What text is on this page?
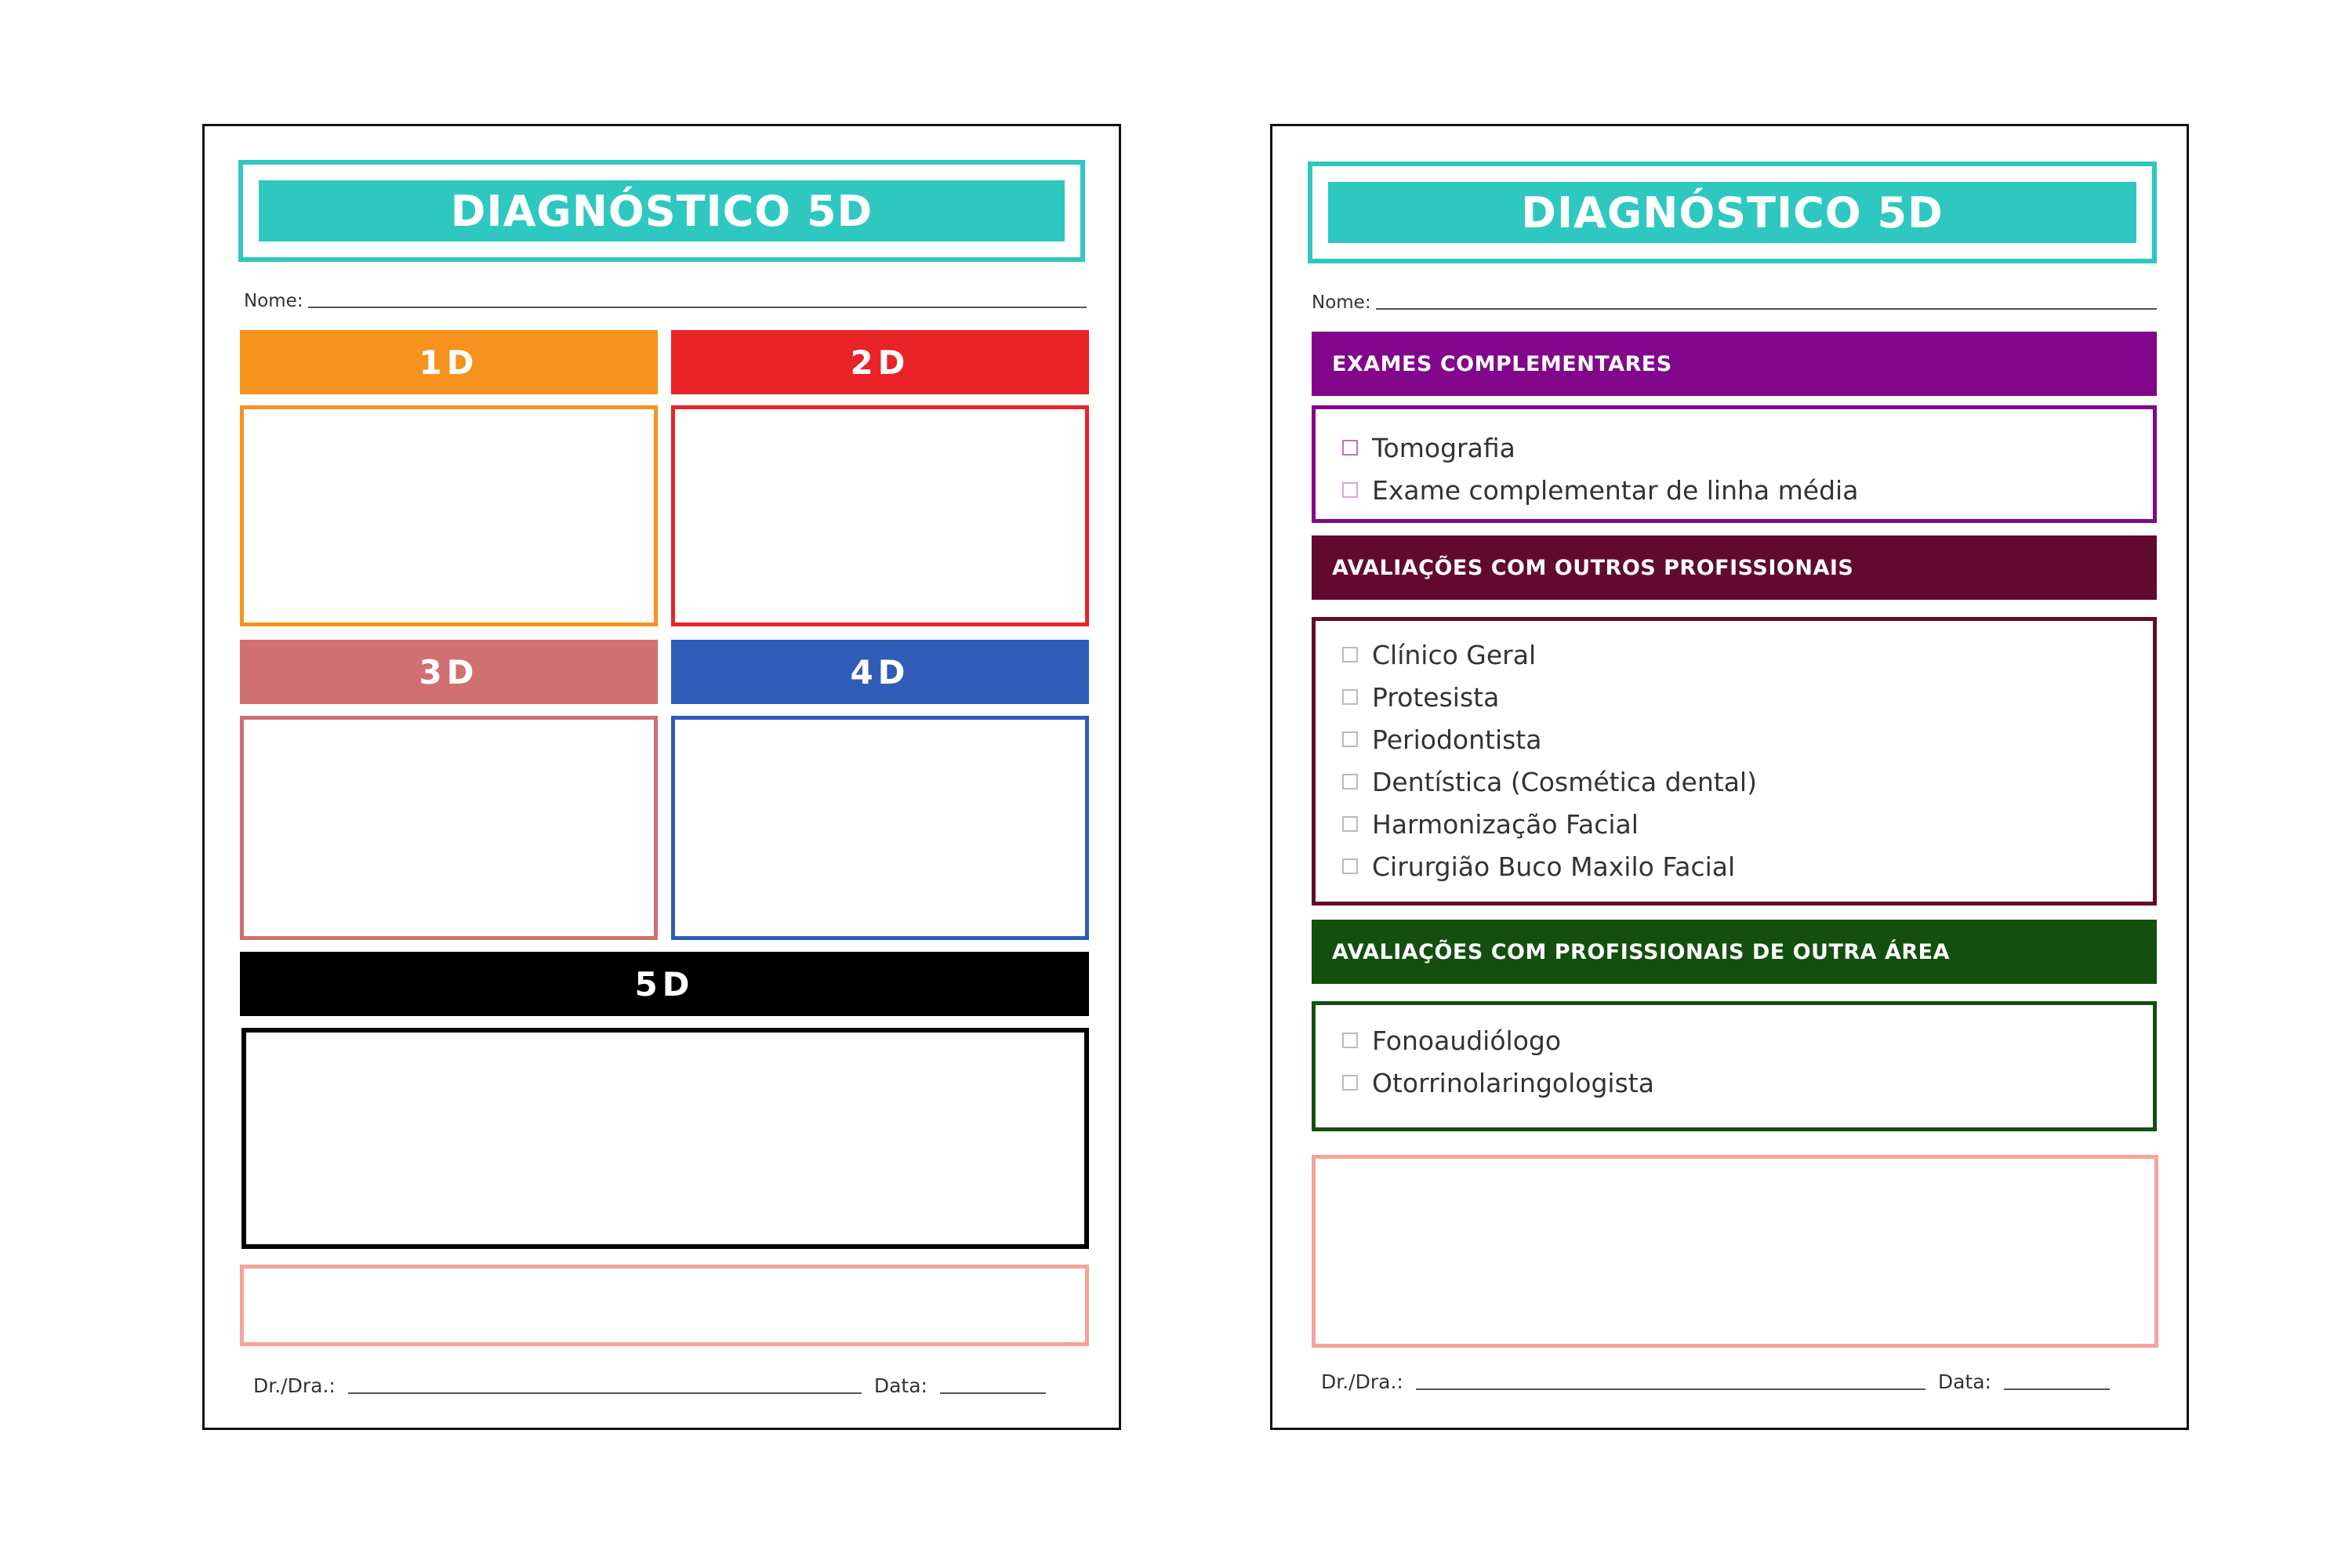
DIAGNÓSTICO 5D
Nome:
1D	2D
3D	4D
5D
Dr./Dra.:	Data:
DIAGNÓSTICO 5D
Nome:
EXAMES COMPLEMENTARES
Tomografia
Exame complementar de linha média
AVALIAÇÕES COM OUTROS PROFISSIONAIS
Clínico Geral
Protesista
Periodontista
Dentística (Cosmética dental)
Harmonização Facial
Cirurgião Buco Maxilo Facial
AVALIAÇÕES COM PROFISSIONAIS DE OUTRA ÁREA
Fonoaudiólogo
Otorrinolaringologista
Dr./Dra.:	Data:
